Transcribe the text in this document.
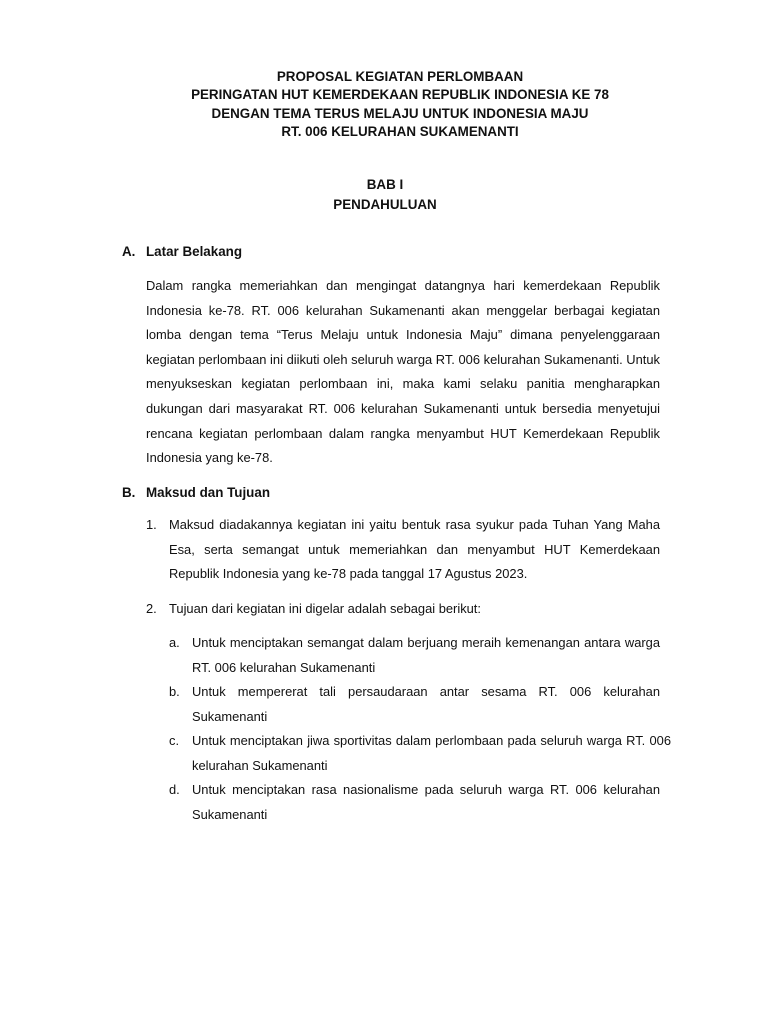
PROPOSAL KEGIATAN PERLOMBAAN
PERINGATAN HUT KEMERDEKAAN REPUBLIK INDONESIA KE 78
DENGAN TEMA TERUS MELAJU UNTUK INDONESIA MAJU
RT. 006 KELURAHAN SUKAMENANTI
BAB I
PENDAHULUAN
A. Latar Belakang
Dalam rangka memeriahkan dan mengingat datangnya hari kemerdekaan Republik Indonesia ke-78. RT. 006 kelurahan Sukamenanti akan menggelar berbagai kegiatan lomba dengan tema “Terus Melaju untuk Indonesia Maju” dimana penyelenggaraan kegiatan perlombaan ini diikuti oleh seluruh warga RT. 006 kelurahan Sukamenanti. Untuk menyukseskan kegiatan perlombaan ini, maka kami selaku panitia mengharapkan dukungan dari masyarakat RT. 006 kelurahan Sukamenanti untuk bersedia menyetujui rencana kegiatan perlombaan dalam rangka menyambut HUT Kemerdekaan Republik Indonesia yang ke-78.
B. Maksud dan Tujuan
1. Maksud diadakannya kegiatan ini yaitu bentuk rasa syukur pada Tuhan Yang Maha Esa, serta semangat untuk memeriahkan dan menyambut HUT Kemerdekaan Republik Indonesia yang ke-78 pada tanggal 17 Agustus 2023.
2. Tujuan dari kegiatan ini digelar adalah sebagai berikut:
a. Untuk menciptakan semangat dalam berjuang meraih kemenangan antara warga RT. 006 kelurahan Sukamenanti
b. Untuk mempererat tali persaudaraan antar sesama RT. 006 kelurahan Sukamenanti
c. Untuk menciptakan jiwa sportivitas dalam perlombaan pada seluruh warga RT. 006 kelurahan Sukamenanti
d. Untuk menciptakan rasa nasionalisme pada seluruh warga RT. 006 kelurahan Sukamenanti
